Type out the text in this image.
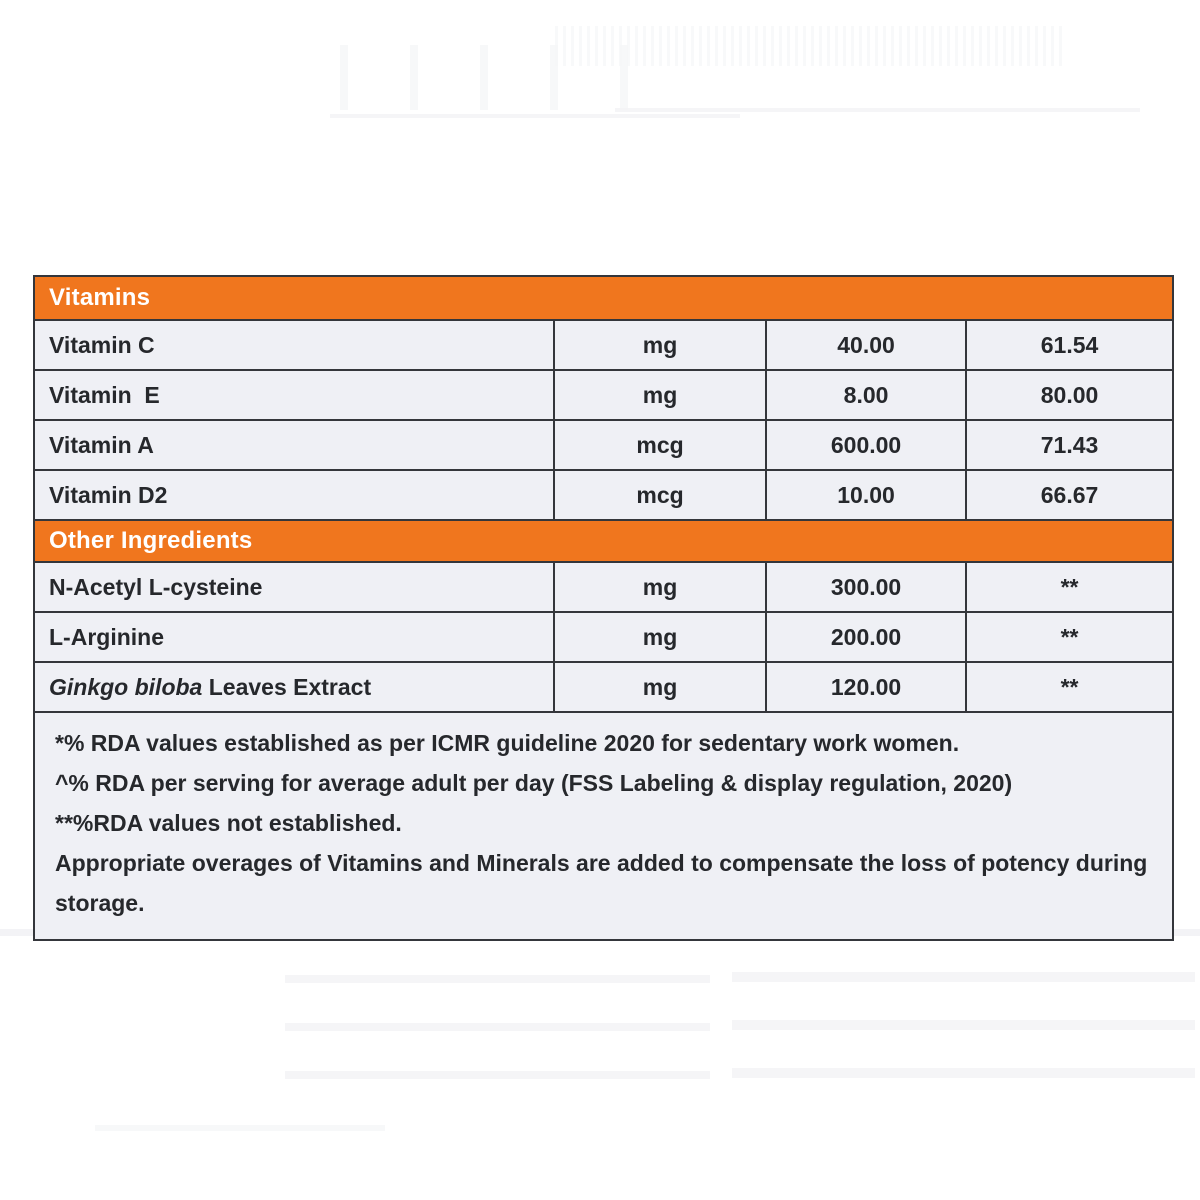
Vitamins
Vitamin C	mg	40.00	61.54
Vitamin  E	mg	8.00	80.00
Vitamin A	mcg	600.00	71.43
Vitamin D2	mcg	10.00	66.67
Other Ingredients
N-Acetyl L-cysteine	mg	300.00	**
L-Arginine	mg	200.00	**
Ginkgo biloba Leaves Extract	mg	120.00	**

*% RDA values established as per ICMR guideline 2020 for sedentary work women.

^% RDA per serving for average adult per day (FSS Labeling & display regulation, 2020)

**%RDA values not established.

Appropriate overages of Vitamins and Minerals are added to compensate the loss of potency during storage.
